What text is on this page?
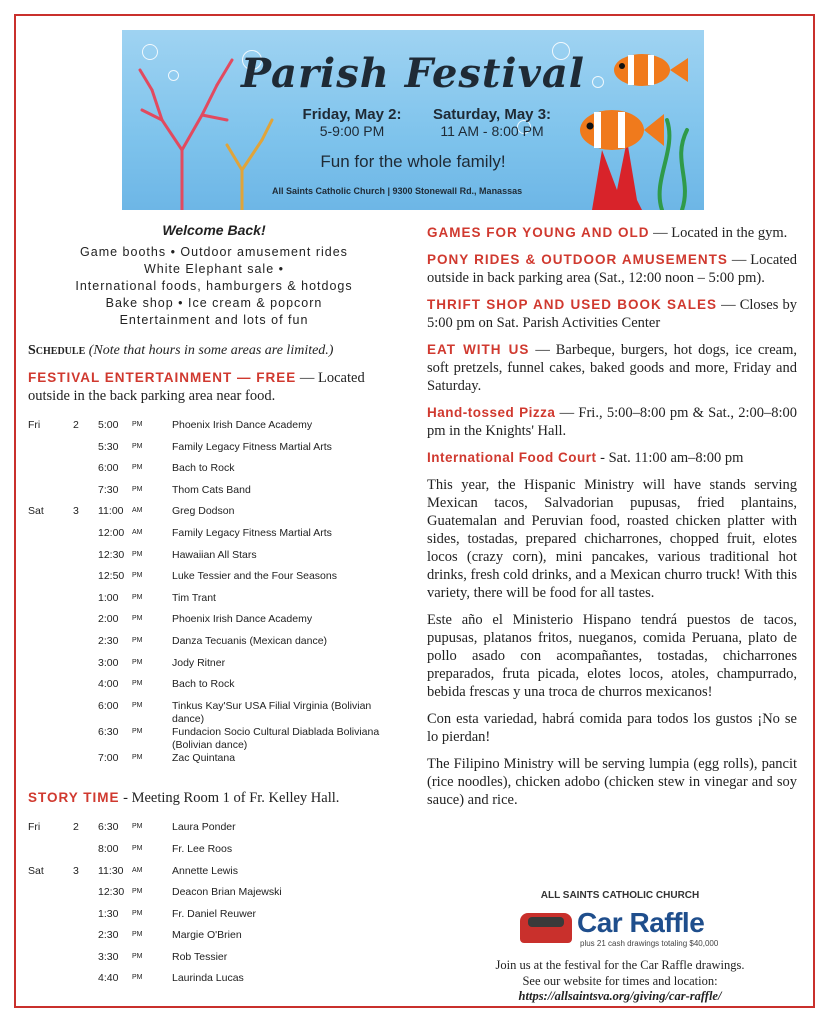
Parish Festival
Friday, May 2:
5-9:00 PM
Saturday, May 3:
11 AM - 8:00 PM
Fun for the whole family!
All Saints Catholic Church | 9300 Stonewall Rd., Manassas
Welcome Back!
Game booths • Outdoor amusement rides
White Elephant sale •
International foods, hamburgers & hotdogs
Bake shop • Ice cream & popcorn
Entertainment and lots of fun
Schedule (Note that hours in some areas are limited.)
FESTIVAL ENTERTAINMENT — FREE — Located outside in the back parking area near food.
Fri	2	5:00	PM	Phoenix Irish Dance Academy
		5:30	PM	Family Legacy Fitness Martial Arts
		6:00	PM	Bach to Rock
		7:30	PM	Thom Cats Band
Sat	3	11:00	AM	Greg Dodson
		12:00	AM	Family Legacy Fitness Martial Arts
		12:30	PM	Hawaiian All Stars
		12:50	PM	Luke Tessier and the Four Seasons
		1:00	PM	Tim Trant
		2:00	PM	Phoenix Irish Dance Academy
		2:30	PM	Danza Tecuanis (Mexican dance)
		3:00	PM	Jody Ritner
		4:00	PM	Bach to Rock
		6:00	PM	Tinkus Kay'Sur USA Filial Virginia (Bolivian dance)
		6:30	PM	Fundacion Socio Cultural Diablada Boliviana (Bolivian dance)
		7:00	PM	Zac Quintana
STORY TIME - Meeting Room 1 of Fr. Kelley Hall.
Fri	2	6:30	PM	Laura Ponder
		8:00	PM	Fr. Lee Roos
Sat	3	11:30	AM	Annette Lewis
		12:30	PM	Deacon Brian Majewski
		1:30	PM	Fr. Daniel Reuwer
		2:30	PM	Margie O'Brien
		3:30	PM	Rob Tessier
		4:40	PM	Laurinda Lucas
GAMES FOR YOUNG AND OLD — Located in the gym.
PONY RIDES & OUTDOOR AMUSEMENTS — Located outside in back parking area (Sat., 12:00 noon – 5:00 pm).
THRIFT SHOP AND USED BOOK SALES — Closes by 5:00 pm on Sat. Parish Activities Center
EAT WITH US — Barbeque, burgers, hot dogs, ice cream, soft pretzels, funnel cakes, baked goods and more, Friday and Saturday.
Hand-tossed Pizza — Fri., 5:00–8:00 pm & Sat., 2:00–8:00 pm in the Knights' Hall.
International Food Court - Sat. 11:00 am–8:00 pm
This year, the Hispanic Ministry will have stands serving Mexican tacos, Salvadorian pupusas, fried plantains, Guatemalan and Peruvian food, roasted chicken platter with sides, tostadas, prepared chicharrones, chopped fruit, elotes locos (crazy corn), mini pancakes, various traditional hot drinks, fresh cold drinks, and a Mexican churro truck! With this variety, there will be food for all tastes.
Este año el Ministerio Hispano tendrá puestos de tacos, pupusas, platanos fritos, nueganos, comida Peruana, plato de pollo asado con acompañantes, tostadas, chicharrones preparados, fruta picada, elotes locos, atoles, champurrado, bebida frescas y una troca de churros mexicanos!
Con esta variedad, habrá comida para todos los gustos ¡No se lo pierdan!
The Filipino Ministry will be serving lumpia (egg rolls), pancit (rice noodles), chicken adobo (chicken stew in vinegar and soy sauce) and rice.
ALL SAINTS CATHOLIC CHURCH
Car Raffle
plus 21 cash drawings totaling $40,000
Join us at the festival for the Car Raffle drawings.
See our website for times and location:
https://allsaintsva.org/giving/car-raffle/
